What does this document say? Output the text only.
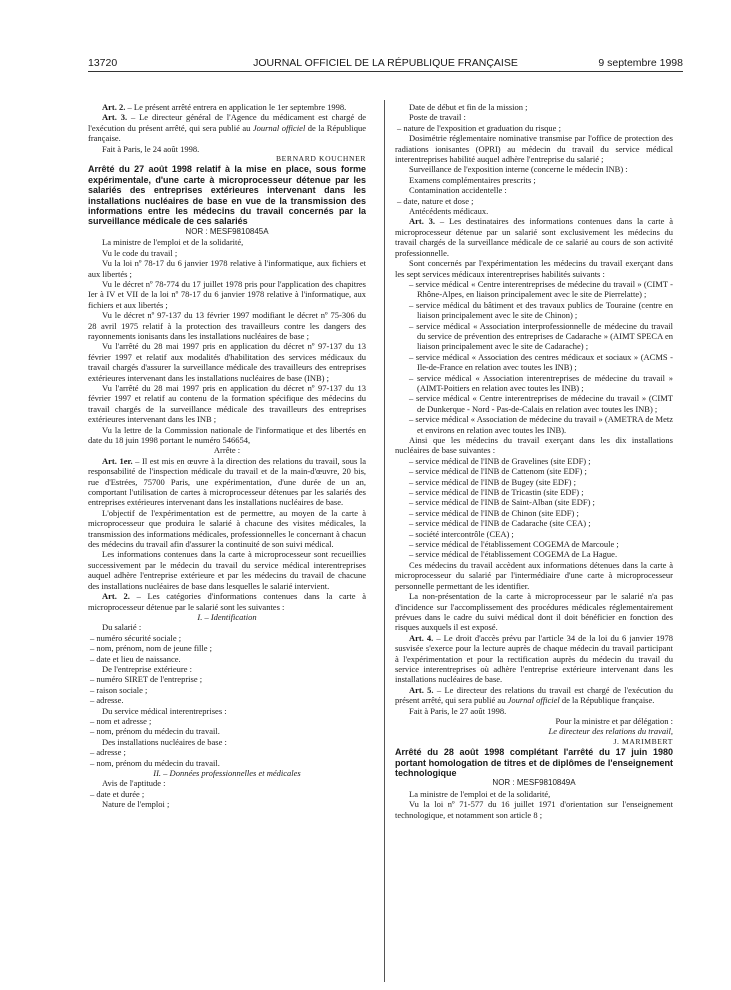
13720	JOURNAL OFFICIEL DE LA RÉPUBLIQUE FRANÇAISE	9 septembre 1998

Art. 2. – Le présent arrêté entrera en application le 1er septembre 1998.

Art. 3. – Le directeur général de l'Agence du médicament est chargé de l'exécution du présent arrêté, qui sera publié au Journal officiel de la République française.

Fait à Paris, le 24 août 1998.

BERNARD KOUCHNER

Arrêté du 27 août 1998 relatif à la mise en place, sous forme expérimentale, d'une carte à microprocesseur détenue par les salariés des entreprises extérieures intervenant dans les installations nucléaires de base en vue de la transmission des informations entre les médecins du travail concernés par la surveillance médicale de ces salariés

NOR : MESF9810845A

La ministre de l'emploi et de la solidarité,

Vu le code du travail ;

Vu la loi nº 78-17 du 6 janvier 1978 relative à l'informatique, aux fichiers et aux libertés ;

Vu le décret nº 78-774 du 17 juillet 1978 pris pour l'application des chapitres Ier à IV et VII de la loi nº 78-17 du 6 janvier 1978 relative à l'informatique, aux fichiers et aux libertés ;

Vu le décret nº 97-137 du 13 février 1997 modifiant le décret nº 75-306 du 28 avril 1975 relatif à la protection des travailleurs contre les dangers des rayonnements ionisants dans les installations nucléaires de base ;

Vu l'arrêté du 28 mai 1997 pris en application du décret nº 97-137 du 13 février 1997 et relatif aux modalités d'habilitation des services médicaux du travail chargés d'assurer la surveillance médicale des travailleurs des entreprises extérieures intervenant dans les installations nucléaires de base (INB) ;

Vu l'arrêté du 28 mai 1997 pris en application du décret nº 97-137 du 13 février 1997 et relatif au contenu de la formation spécifique des médecins du travail chargés de la surveillance médicale des travailleurs des entreprises extérieures intervenant dans les INB ;

Vu la lettre de la Commission nationale de l'informatique et des libertés en date du 18 juin 1998 portant le numéro 546654,

Arrête :

Art. 1er. – Il est mis en œuvre à la direction des relations du travail, sous la responsabilité de l'inspection médicale du travail et de la main-d'œuvre, 20 bis, rue d'Estrées, 75700 Paris, une expérimentation, d'une durée de un an, comportant l'utilisation de cartes à microprocesseur détenues par les salariés des entreprises extérieures intervenant dans les installations nucléaires de base.

L'objectif de l'expérimentation est de permettre, au moyen de la carte à microprocesseur que produira le salarié à chacune des visites médicales, la transmission des informations médicales, professionnelles le concernant à chacun des médecins du travail afin d'assurer la continuité de son suivi médical.

Les informations contenues dans la carte à microprocesseur sont recueillies successivement par le médecin du travail du service médical interentreprises auquel adhère l'entreprise extérieure et par les médecins du travail de chacune des installations nucléaires de base dans lesquelles le salarié intervient.

Art. 2. – Les catégories d'informations contenues dans la carte à microprocesseur détenue par le salarié sont les suivantes :

I. – Identification

Du salarié :

– numéro sécurité sociale ;

– nom, prénom, nom de jeune fille ;

– date et lieu de naissance.

De l'entreprise extérieure :

– numéro SIRET de l'entreprise ;

– raison sociale ;

– adresse.

Du service médical interentreprises :

– nom et adresse ;

– nom, prénom du médecin du travail.

Des installations nucléaires de base :

– adresse ;

– nom, prénom du médecin du travail.

II. – Données professionnelles et médicales

Avis de l'aptitude :

– date et durée ;

Nature de l'emploi ;

Date de début et fin de la mission ;

Poste de travail :

– nature de l'exposition et graduation du risque ;

Dosimétrie réglementaire nominative transmise par l'office de protection des radiations ionisantes (OPRI) au médecin du travail du service médical interentreprises habilité auquel adhère l'entreprise du salarié ;

Surveillance de l'exposition interne (concerne le médecin INB) :

Examens complémentaires prescrits ;

Contamination accidentelle :

– date, nature et dose ;

Antécédents médicaux.

Art. 3. – Les destinataires des informations contenues dans la carte à microprocesseur détenue par un salarié sont exclusivement les médecins du travail chargés de la surveillance médicale de ce salarié au cours de son activité professionnelle.

Sont concernés par l'expérimentation les médecins du travail exerçant dans les sept services médicaux interentreprises habilités suivants :

– service médical « Centre interentreprises de médecine du travail » (CIMT - Rhône-Alpes, en liaison principalement avec le site de Pierrelatte) ;

– service médical du bâtiment et des travaux publics de Touraine (centre en liaison principalement avec le site de Chinon) ;

– service médical « Association interprofessionnelle de médecine du travail du service de prévention des entreprises de Cadarache » (AIMT SPECA en liaison principalement avec le site de Cadarache) ;

– service médical « Association des centres médicaux et sociaux » (ACMS - Ile-de-France en relation avec toutes les INB) ;

– service médical « Association interentreprises de médecine du travail » (AIMT-Poitiers en relation avec toutes les INB) ;

– service médical « Centre interentreprises de médecine du travail » (CIMT de Dunkerque - Nord - Pas-de-Calais en relation avec toutes les INB) ;

– service médical « Association de médecine du travail » (AMETRA de Metz et environs en relation avec toutes les INB).

Ainsi que les médecins du travail exerçant dans les dix installations nucléaires de base suivantes :

– service médical de l'INB de Gravelines (site EDF) ;

– service médical de l'INB de Cattenom (site EDF) ;

– service médical de l'INB de Bugey (site EDF) ;

– service médical de l'INB de Tricastin (site EDF) ;

– service médical de l'INB de Saint-Alban (site EDF) ;

– service médical de l'INB de Chinon (site EDF) ;

– service médical de l'INB de Cadarache (site CEA) ;

– société intercontrôle (CEA) ;

– service médical de l'établissement COGEMA de Marcoule ;

– service médical de l'établissement COGEMA de La Hague.

Ces médecins du travail accèdent aux informations détenues dans la carte à microprocesseur du salarié par l'intermédiaire d'une carte à microprocesseur personnelle permettant de les identifier.

La non-présentation de la carte à microprocesseur par le salarié n'a pas d'incidence sur l'accomplissement des procédures médicales réglementairement prévues dans le cadre du suivi médical dont il doit bénéficier en fonction des risques auxquels il est exposé.

Art. 4. – Le droit d'accès prévu par l'article 34 de la loi du 6 janvier 1978 susvisée s'exerce pour la lecture auprès de chaque médecin du travail participant à l'expérimentation et pour la rectification auprès du médecin du travail du service interentreprises où adhère l'entreprise extérieure intervenant dans les installations nucléaires de base.

Art. 5. – Le directeur des relations du travail est chargé de l'exécution du présent arrêté, qui sera publié au Journal officiel de la République française.

Fait à Paris, le 27 août 1998.

Pour la ministre et par délégation :

Le directeur des relations du travail,

J. MARIMBERT

Arrêté du 28 août 1998 complétant l'arrêté du 17 juin 1980 portant homologation de titres et de diplômes de l'enseignement technologique

NOR : MESF9810849A

La ministre de l'emploi et de la solidarité,

Vu la loi nº 71-577 du 16 juillet 1971 d'orientation sur l'enseignement technologique, et notamment son article 8 ;
